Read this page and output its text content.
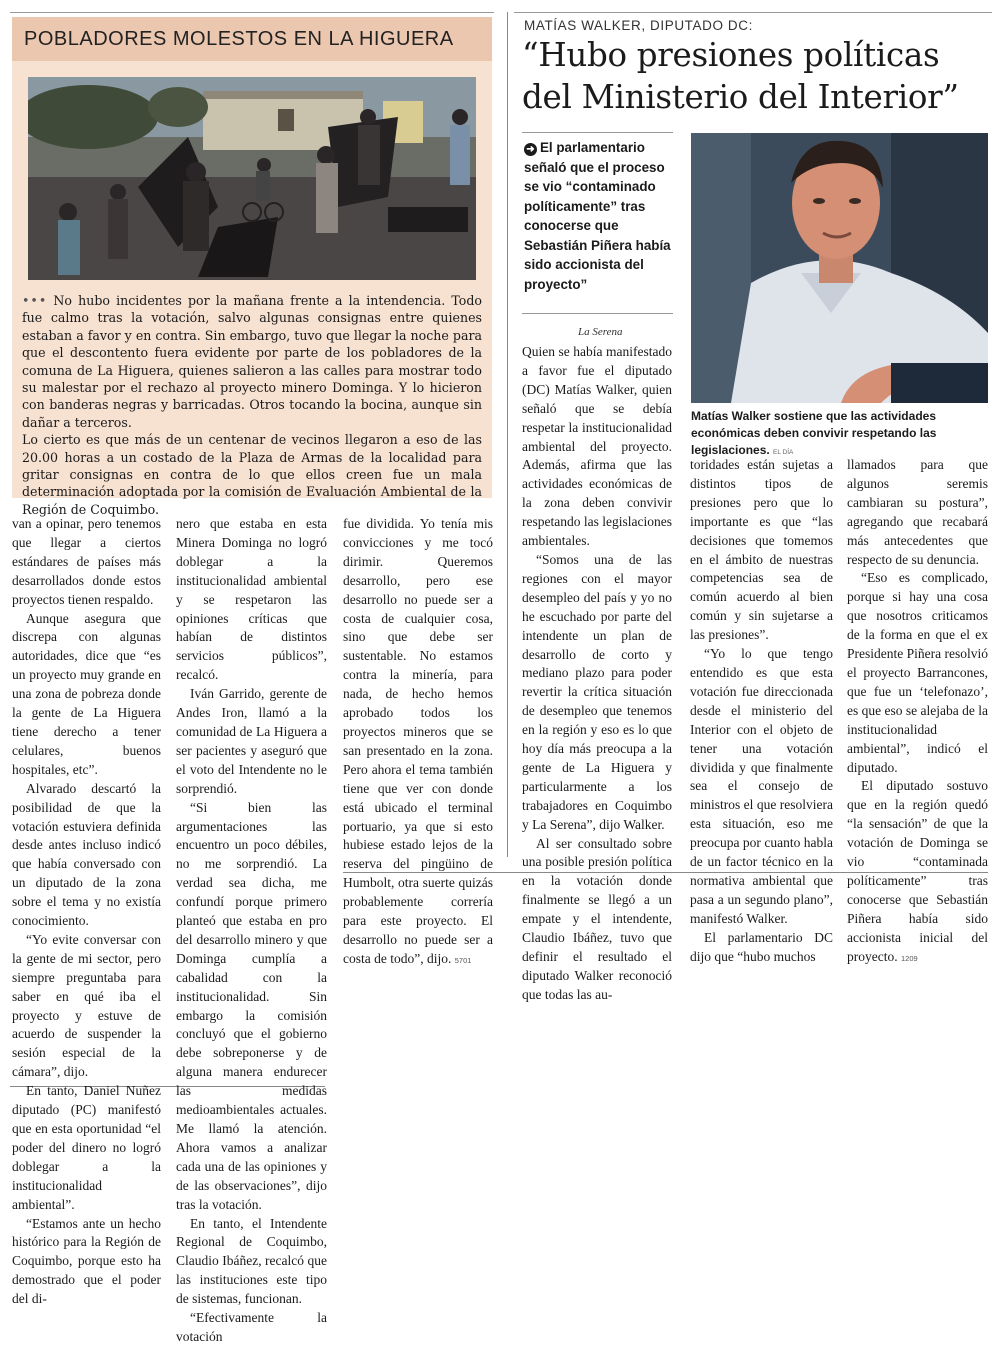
POBLADORES MOLESTOS EN LA HIGUERA

••• No hubo incidentes por la mañana frente a la intendencia. Todo fue calmo tras la votación, salvo algunas consignas entre quienes estaban a favor y en contra. Sin embargo, tuvo que llegar la noche para que el descontento fuera evidente por parte de los pobladores de la comuna de La Higuera, quienes salieron a las calles para mostrar todo su malestar por el rechazo al proyecto minero Dominga. Y lo hicieron con banderas negras y barricadas. Otros tocando la bocina, aunque sin dañar a terceros.

Lo cierto es que más de un centenar de vecinos llegaron a eso de las 20.00 horas a un costado de la Plaza de Armas de la localidad para gritar consignas en contra de lo que ellos creen fue un mala determinación adoptada por la comisión de Evaluación Ambiental de la Región de Coquimbo.

van a opinar, pero tenemos que llegar a ciertos estándares de países más desarrollados donde estos proyectos tienen respaldo.

Aunque asegura que discrepa con algunas autoridades, dice que “es un proyecto muy grande en una zona de pobreza donde la gente de La Higuera tiene derecho a tener celulares, buenos hospitales, etc”.

Alvarado descartó la posibilidad de que la votación estuviera definida desde antes incluso indicó que había conversado con un diputado de la zona sobre el tema y no existía conocimiento.

“Yo evite conversar con la gente de mi sector, pero siempre preguntaba para saber en qué iba el proyecto y estuve de acuerdo de suspender la sesión especial de la cámara”, dijo.

En tanto, Daniel Nuñez diputado (PC) manifestó que en esta oportunidad “el poder del dinero no logró doblegar a la institucionalidad ambiental”.

“Estamos ante un hecho histórico para la Región de Coquimbo, porque esto ha demostrado que el poder del di-

nero que estaba en esta Minera Dominga no logró doblegar a la institucionalidad ambiental y se respetaron las opiniones críticas que habían de distintos servicios públicos”, recalcó.

Iván Garrido, gerente de Andes Iron, llamó a la comunidad de La Higuera a ser pacientes y aseguró que el voto del Intendente no le sorprendió.

“Si bien las argumentaciones las encuentro un poco débiles, no me sorprendió. La verdad sea dicha, me confundí porque primero planteó que estaba en pro del desarrollo minero y que Dominga cumplía a cabalidad con la institucionalidad. Sin embargo la comisión concluyó que el gobierno debe sobreponerse y de alguna manera endurecer las medidas medioambientales actuales. Me llamó la atención. Ahora vamos a analizar cada una de las opiniones y de las observaciones”, dijo tras la votación.

En tanto, el Intendente Regional de Coquimbo, Claudio Ibáñez, recalcó que las instituciones este tipo de sistemas, funcionan.

“Efectivamente la votación

fue dividida. Yo tenía mis convicciones y me tocó dirimir. Queremos desarrollo, pero ese desarrollo no puede ser a costa de cualquier cosa, sino que debe ser sustentable. No estamos contra la minería, para nada, de hecho hemos aprobado todos los proyectos mineros que se san presentado en la zona. Pero ahora el tema también tiene que ver con donde está ubicado el terminal portuario, ya que si esto hubiese estado lejos de la reserva del pingüino de Humbolt, otra suerte quizás probablemente correría para este proyecto. El desarrollo no puede ser a costa de todo”, dijo. 5701

MATÍAS WALKER, DIPUTADO DC:
“Hubo presiones políticas del Ministerio del Interior”
➜ El parlamentario señaló que el proceso se vio “contaminado políticamente” tras conocerse que Sebastián Piñera había sido accionista del proyecto”
Matías Walker sostiene que las actividades económicas deben convivir respetando las legislaciones. EL DÍA
La Serena

Quien se había manifestado a favor fue el diputado (DC) Matías Walker, quien señaló que se debía respetar la institucionalidad ambiental del proyecto. Además, afirma que las actividades económicas de la zona deben convivir respetando las legislaciones ambientales.

“Somos una de las regiones con el mayor desempleo del país y yo no he escuchado por parte del intendente un plan de desarrollo de corto y mediano plazo para poder revertir la crítica situación de desempleo que tenemos en la región y eso es lo que hoy día más preocupa a la gente de La Higuera y particularmente a los trabajadores en Coquimbo y La Serena”, dijo Walker.

Al ser consultado sobre una posible presión política en la votación donde finalmente se llegó a un empate y el intendente, Claudio Ibáñez, tuvo que definir el resultado el diputado Walker reconoció que todas las au-

toridades están sujetas a distintos tipos de presiones pero que lo importante es que “las decisiones que tomemos en el ámbito de nuestras competencias sea de común acuerdo al bien común y sin sujetarse a las presiones”.

“Yo lo que tengo entendido es que esta votación fue direccionada desde el ministerio del Interior con el objeto de tener una votación dividida y que finalmente sea el consejo de ministros el que resolviera esta situación, eso me preocupa por cuanto habla de un factor técnico en la normativa ambiental que pasa a un segundo plano”, manifestó Walker.

El parlamentario DC dijo que “hubo muchos

llamados para que algunos seremis cambiaran su postura”, agregando que recabará más antecedentes que respecto de su denuncia.

“Eso es complicado, porque si hay una cosa que nosotros criticamos de la forma en que el ex Presidente Piñera resolvió el proyecto Barrancones, que fue un ‘telefonazo’, es que eso se alejaba de la institucionalidad ambiental”, indicó el diputado.

El diputado sostuvo que en la región quedó “la sensación” de que la votación de Dominga se vio “contaminada políticamente” tras conocerse que Sebastián Piñera había sido accionista inicial del proyecto. 1209
